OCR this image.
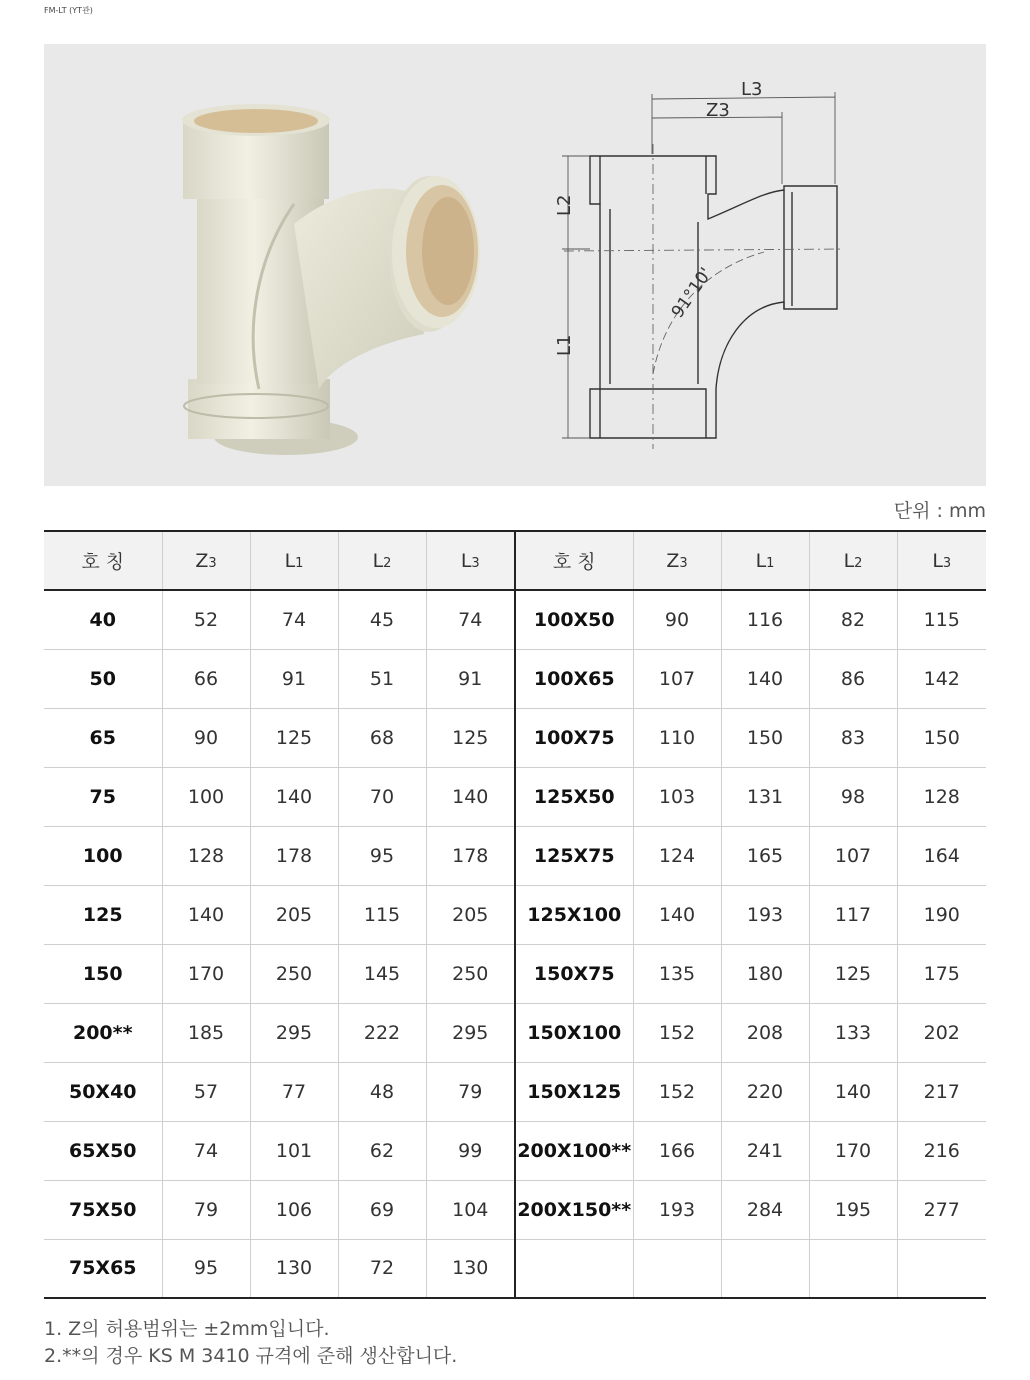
FM-LT (YT관)
L3
Z3
L2
L1
91°10'
단위 : mm
호 칭	Z3	L1	L2	L3	호 칭	Z3	L1	L2	L3
40	52	74	45	74	100X50	90	116	82	115
50	66	91	51	91	100X65	107	140	86	142
65	90	125	68	125	100X75	110	150	83	150
75	100	140	70	140	125X50	103	131	98	128
100	128	178	95	178	125X75	124	165	107	164
125	140	205	115	205	125X100	140	193	117	190
150	170	250	145	250	150X75	135	180	125	175
200**	185	295	222	295	150X100	152	208	133	202
50X40	57	77	48	79	150X125	152	220	140	217
65X50	74	101	62	99	200X100**	166	241	170	216
75X50	79	106	69	104	200X150**	193	284	195	277
75X65	95	130	72	130					
1. Z의 허용범위는 ±2mm입니다.
2.**의 경우 KS M 3410 규격에 준해 생산합니다.
